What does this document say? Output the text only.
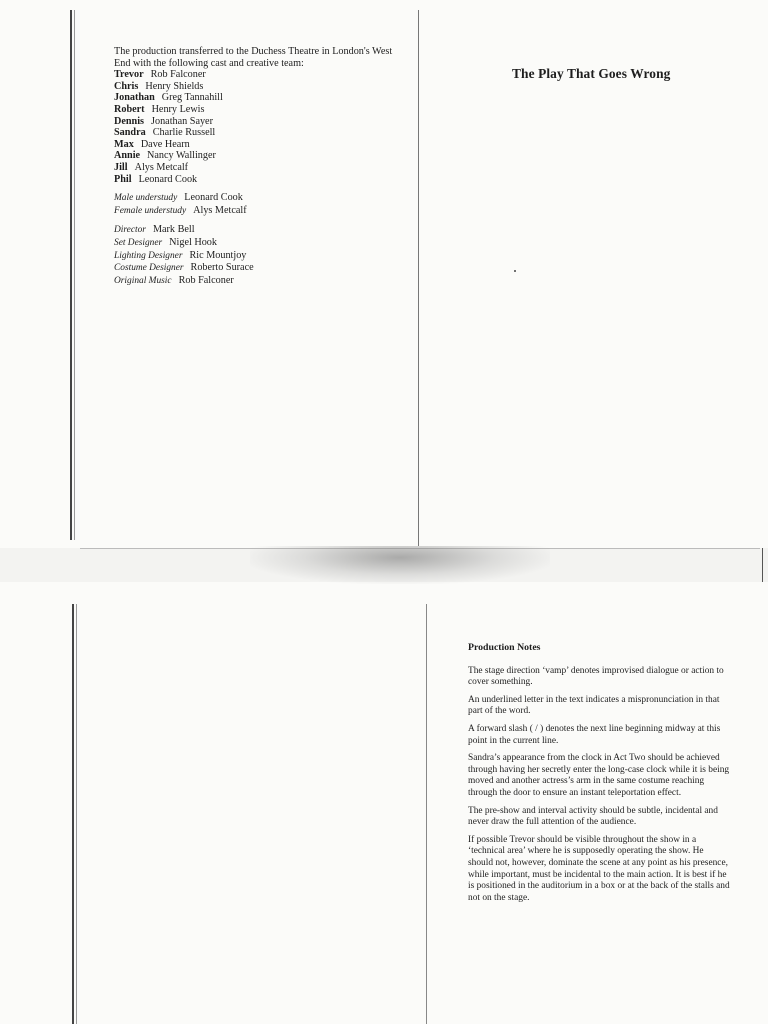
The production transferred to the Duchess Theatre in London's West End with the following cast and creative team:

Trevor Rob Falconer
Chris Henry Shields
Jonathan Greg Tannahill
Robert Henry Lewis
Dennis Jonathan Sayer
Sandra Charlie Russell
Max Dave Hearn
Annie Nancy Wallinger
Jill Alys Metcalf
Phil Leonard Cook
Male understudy Leonard Cook
Female understudy Alys Metcalf
Director Mark Bell
Set Designer Nigel Hook
Lighting Designer Ric Mountjoy
Costume Designer Roberto Surace
Original Music Rob Falconer
The Play That Goes Wrong
Production Notes

The stage direction ‘vamp’ denotes improvised dialogue or action to cover something.

An underlined letter in the text indicates a mispronunciation in that part of the word.

A forward slash ( / ) denotes the next line beginning midway at this point in the current line.

Sandra’s appearance from the clock in Act Two should be achieved through having her secretly enter the long-case clock while it is being moved and another actress’s arm in the same costume reaching through the door to ensure an instant teleportation effect.

The pre-show and interval activity should be subtle, incidental and never draw the full attention of the audience.

If possible Trevor should be visible throughout the show in a ‘technical area’ where he is supposedly operating the show. He should not, however, dominate the scene at any point as his presence, while important, must be incidental to the main action. It is best if he is positioned in the auditorium in a box or at the back of the stalls and not on the stage.
